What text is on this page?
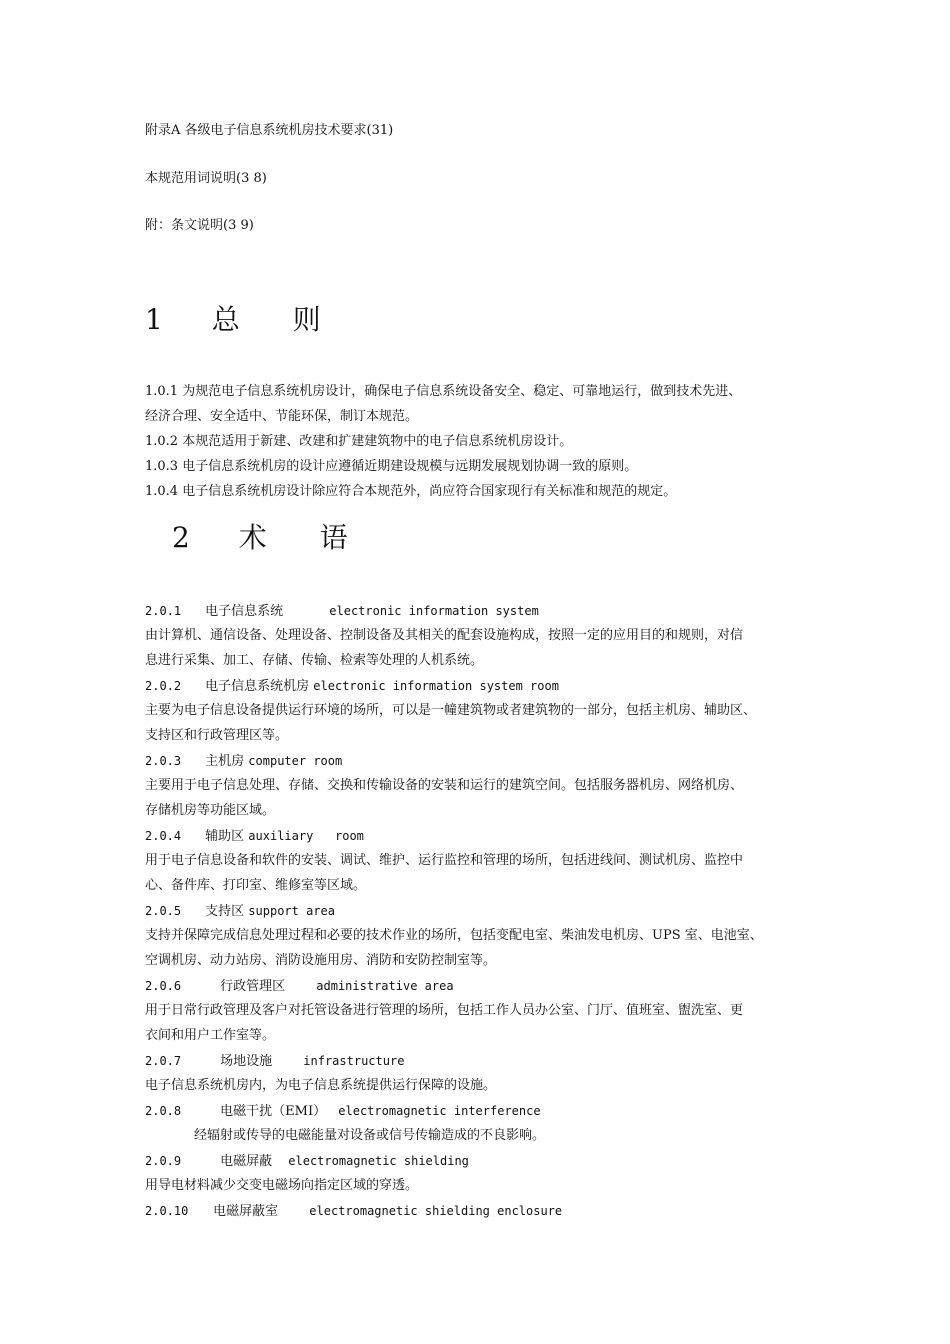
附录A 各级电子信息系统机房技术要求(31)
本规范用词说明(3 8)
附：条文说明(3 9)
1 总 则
1.0.1 为规范电子信息系统机房设计，确保电子信息系统设备安全、稳定、可靠地运行，做到技术先进、
经济合理、安全适中、节能环保，制订本规范。
1.0.2 本规范适用于新建、改建和扩建建筑物中的电子信息系统机房设计。
1.0.3 电子信息系统机房的设计应遵循近期建设规模与远期发展规划协调一致的原则。
1.0.4 电子信息系统机房设计除应符合本规范外，尚应符合国家现行有关标准和规范的规定。
2 术 语
2.0.1 电子信息系统	electronic information system
由计算机、通信设备、处理设备、控制设备及其相关的配套设施构成，按照一定的应用目的和规则，对信
息进行采集、加工、存储、传输、检索等处理的人机系统。
2.0.2 电子信息系统机房 electronic information system room
主要为电子信息设备提供运行环境的场所，可以是一幢建筑物或者建筑物的一部分，包括主机房、辅助区、
支持区和行政管理区等。
2.0.3 主机房 computer room
主要用于电子信息处理、存储、交换和传输设备的安装和运行的建筑空间。包括服务器机房、网络机房、
存储机房等功能区域。
2.0.4 辅助区 auxiliary   room
用于电子信息设备和软件的安装、调试、维护、运行监控和管理的场所，包括进线间、测试机房、监控中
心、备件库、打印室、维修室等区域。
2.0.5 支持区 support area
支持并保障完成信息处理过程和必要的技术作业的场所，包括变配电室、柴油发电机房、UPS 室、电池室、
空调机房、动力站房、消防设施用房、消防和安防控制室等。
2.0.6	行政管理区	administrative area
用于日常行政管理及客户对托管设备进行管理的场所，包括工作人员办公室、门厅、值班室、盥洗室、更
衣间和用户工作室等。
2.0.7	场地设施	infrastructure
电子信息系统机房内，为电子信息系统提供运行保障的设施。
2.0.8	电磁干扰（EMI） electromagnetic interference
经辐射或传导的电磁能量对设备或信号传输造成的不良影响。
2.0.9	电磁屏蔽 electromagnetic shielding
用导电材料减少交变电磁场向指定区域的穿透。
2.0.10 电磁屏蔽室	electromagnetic shielding enclosure
